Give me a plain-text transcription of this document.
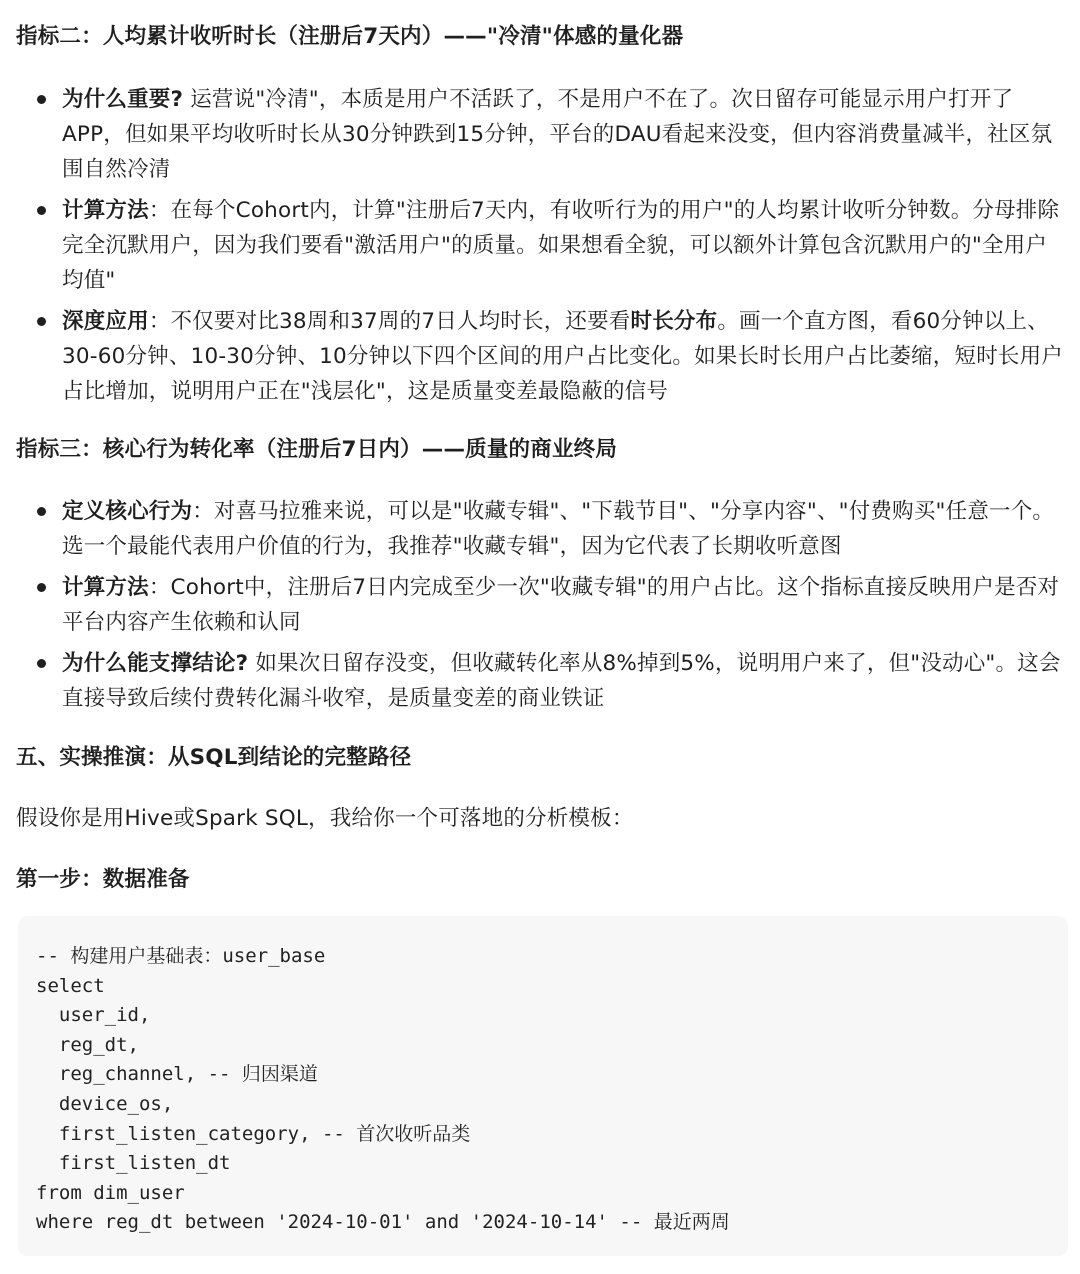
指标二：人均累计收听时长（注册后7天内）——"冷清"体感的量化器
为什么重要? 运营说"冷清"，本质是用户不活跃了，不是用户不在了。次日留存可能显示用户打开了APP，但如果平均收听时长从30分钟跌到15分钟，平台的DAU看起来没变，但内容消费量减半，社区氛围自然冷清
计算方法：在每个Cohort内，计算"注册后7天内，有收听行为的用户"的人均累计收听分钟数。分母排除完全沉默用户，因为我们要看"激活用户"的质量。如果想看全貌，可以额外计算包含沉默用户的"全用户均值"
深度应用：不仅要对比38周和37周的7日人均时长，还要看时长分布。画一个直方图，看60分钟以上、30-60分钟、10-30分钟、10分钟以下四个区间的用户占比变化。如果长时长用户占比萎缩，短时长用户占比增加，说明用户正在"浅层化"，这是质量变差最隐蔽的信号
指标三：核心行为转化率（注册后7日内）——质量的商业终局
定义核心行为：对喜马拉雅来说，可以是"收藏专辑"、"下载节目"、"分享内容"、"付费购买"任意一个。选一个最能代表用户价值的行为，我推荐"收藏专辑"，因为它代表了长期收听意图
计算方法：Cohort中，注册后7日内完成至少一次"收藏专辑"的用户占比。这个指标直接反映用户是否对平台内容产生依赖和认同
为什么能支撑结论? 如果次日留存没变，但收藏转化率从8%掉到5%，说明用户来了，但"没动心"。这会直接导致后续付费转化漏斗收窄，是质量变差的商业铁证
五、实操推演：从SQL到结论的完整路径
假设你是用Hive或Spark SQL，我给你一个可落地的分析模板：
第一步：数据准备
-- 构建用户基础表：user_base
select
user_id,
reg_dt,
reg_channel, -- 归因渠道
device_os,
first_listen_category, -- 首次收听品类
first_listen_dt
from dim_user
where reg_dt between '2024-10-01' and '2024-10-14' -- 最近两周
